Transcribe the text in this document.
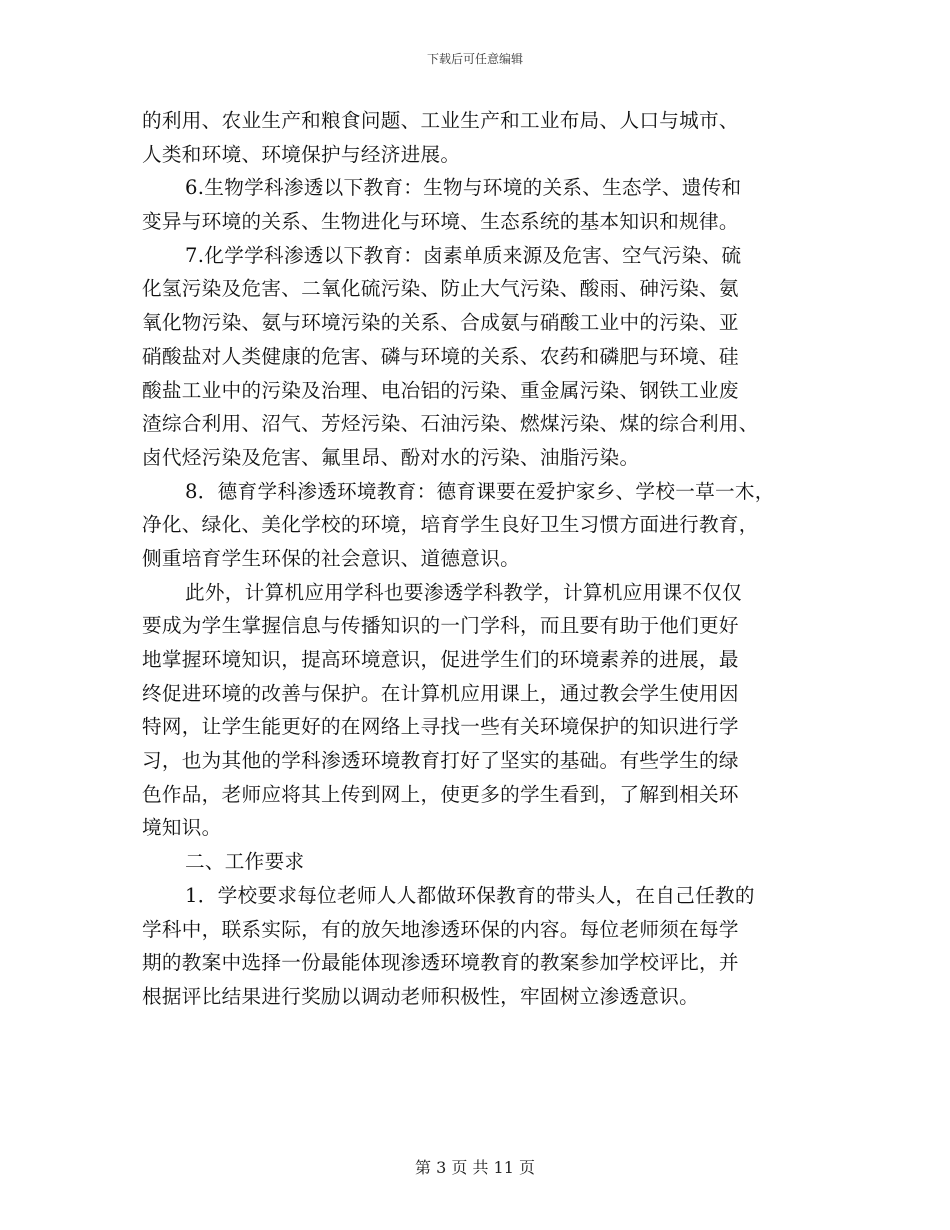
下载后可任意编辑
的利用、农业生产和粮食问题、工业生产和工业布局、人口与城市、
人类和环境、环境保护与经济进展。
6.生物学科渗透以下教育：生物与环境的关系、生态学、遗传和
变异与环境的关系、生物进化与环境、生态系统的基本知识和规律。
7.化学学科渗透以下教育：卤素单质来源及危害、空气污染、硫
化氢污染及危害、二氧化硫污染、防止大气污染、酸雨、砷污染、氨
氧化物污染、氨与环境污染的关系、合成氨与硝酸工业中的污染、亚
硝酸盐对人类健康的危害、磷与环境的关系、农药和磷肥与环境、硅
酸盐工业中的污染及治理、电冶铝的污染、重金属污染、钢铁工业废
渣综合利用、沼气、芳烃污染、石油污染、燃煤污染、煤的综合利用、
卤代烃污染及危害、氟里昂、酚对水的污染、油脂污染。
8．德育学科渗透环境教育：德育课要在爱护家乡、学校一草一木，
净化、绿化、美化学校的环境，培育学生良好卫生习惯方面进行教育，
侧重培育学生环保的社会意识、道德意识。
此外，计算机应用学科也要渗透学科教学，计算机应用课不仅仅
要成为学生掌握信息与传播知识的一门学科，而且要有助于他们更好
地掌握环境知识，提高环境意识，促进学生们的环境素养的进展，最
终促进环境的改善与保护。在计算机应用课上，通过教会学生使用因
特网，让学生能更好的在网络上寻找一些有关环境保护的知识进行学
习，也为其他的学科渗透环境教育打好了坚实的基础。有些学生的绿
色作品，老师应将其上传到网上，使更多的学生看到，了解到相关环
境知识。
二、工作要求
1．学校要求每位老师人人都做环保教育的带头人，在自己任教的
学科中，联系实际，有的放矢地渗透环保的内容。每位老师须在每学
期的教案中选择一份最能体现渗透环境教育的教案参加学校评比，并
根据评比结果进行奖励以调动老师积极性，牢固树立渗透意识。
第 3 页 共 11 页
